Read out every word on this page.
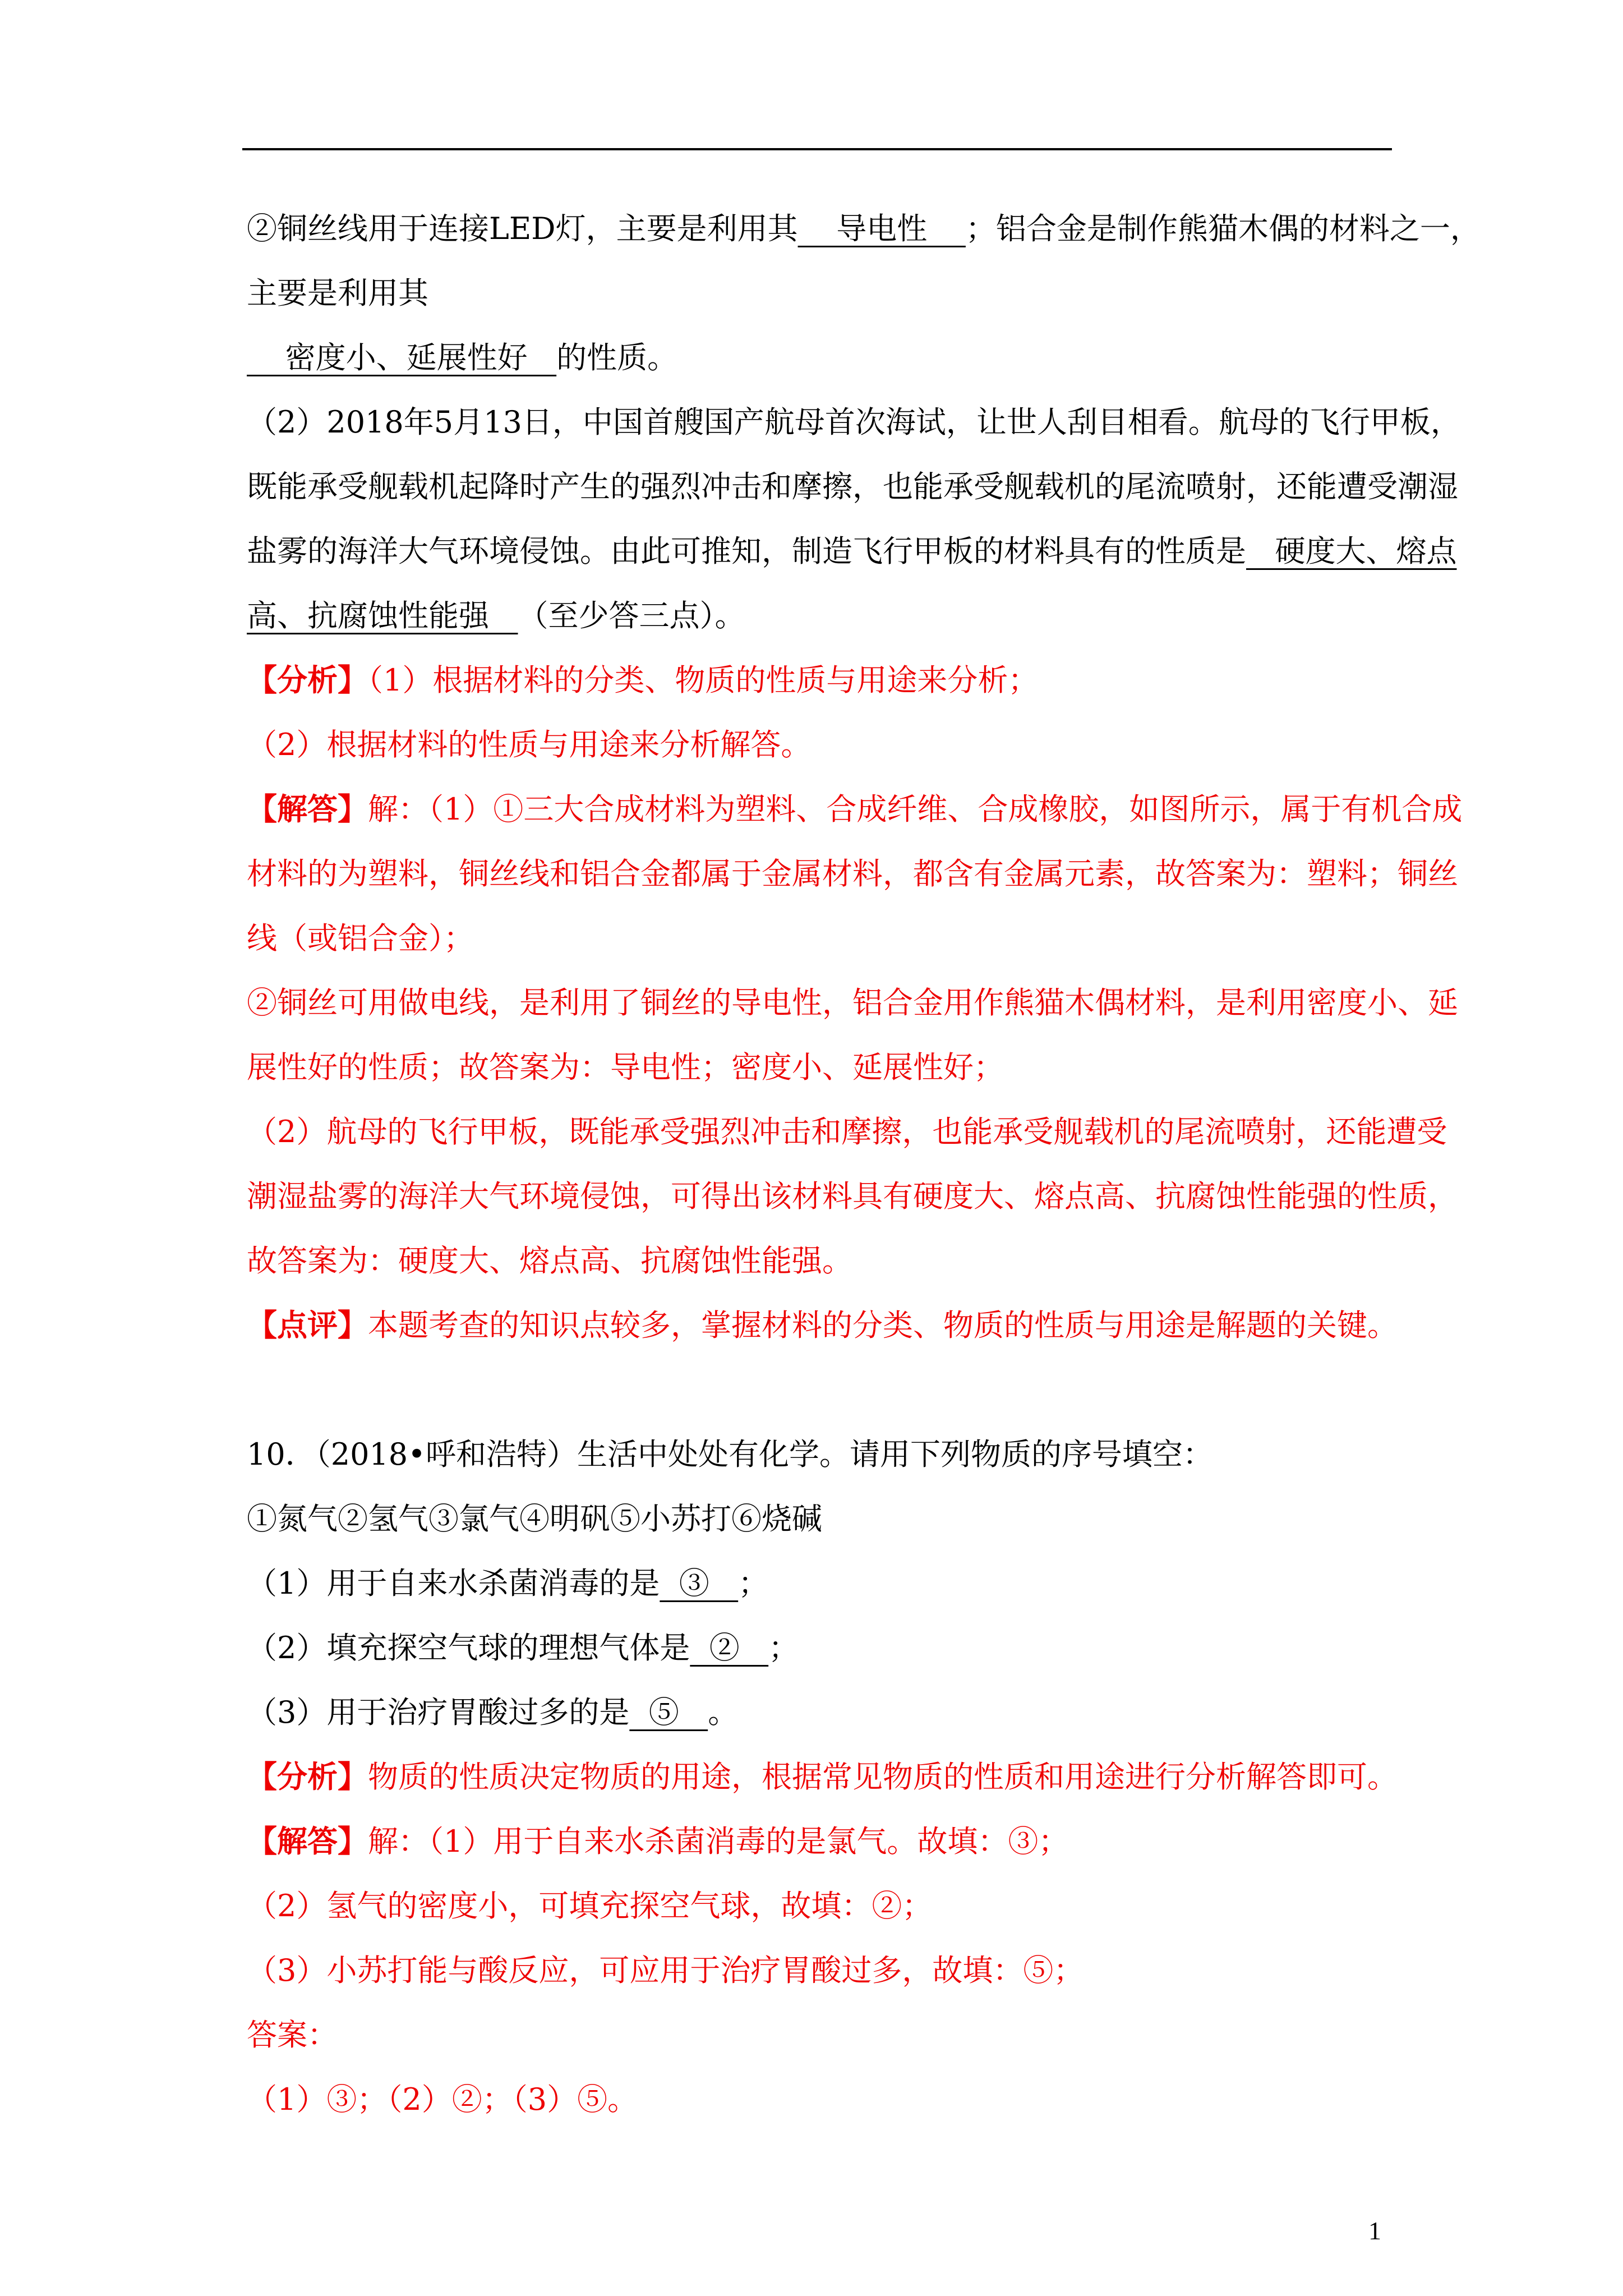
②铜丝线用于连接LED灯，主要是利用其    导电性    ；铝合金是制作熊猫木偶的材料之一，
主要是利用其
密度小、延展性好   的性质。
（2）2018年5月13日，中国首艘国产航母首次海试，让世人刮目相看。航母的飞行甲板，
既能承受舰载机起降时产生的强烈冲击和摩擦，也能承受舰载机的尾流喷射，还能遭受潮湿
盐雾的海洋大气环境侵蚀。由此可推知，制造飞行甲板的材料具有的性质是   硬度大、熔点
高、抗腐蚀性能强   （至少答三点）。
【分析】（1）根据材料的分类、物质的性质与用途来分析；
（2）根据材料的性质与用途来分析解答。
【解答】解：（1）①三大合成材料为塑料、合成纤维、合成橡胶，如图所示，属于有机合成
材料的为塑料，铜丝线和铝合金都属于金属材料，都含有金属元素，故答案为：塑料；铜丝
线（或铝合金）；
②铜丝可用做电线，是利用了铜丝的导电性，铝合金用作熊猫木偶材料，是利用密度小、延
展性好的性质；故答案为：导电性；密度小、延展性好；
（2）航母的飞行甲板，既能承受强烈冲击和摩擦，也能承受舰载机的尾流喷射，还能遭受
潮湿盐雾的海洋大气环境侵蚀，可得出该材料具有硬度大、熔点高、抗腐蚀性能强的性质，
故答案为：硬度大、熔点高、抗腐蚀性能强。
【点评】本题考查的知识点较多，掌握材料的分类、物质的性质与用途是解题的关键。
10．（2018•呼和浩特）生活中处处有化学。请用下列物质的序号填空：
①氮气②氢气③氯气④明矾⑤小苏打⑥烧碱
（1）用于自来水杀菌消毒的是  ③   ；
（2）填充探空气球的理想气体是  ②   ；
（3）用于治疗胃酸过多的是  ⑤   。
【分析】物质的性质决定物质的用途，根据常见物质的性质和用途进行分析解答即可。
【解答】解：（1）用于自来水杀菌消毒的是氯气。故填：③；
（2）氢气的密度小，可填充探空气球，故填：②；
（3）小苏打能与酸反应，可应用于治疗胃酸过多，故填：⑤；
答案：
（1）③；（2）②；（3）⑤。
1
